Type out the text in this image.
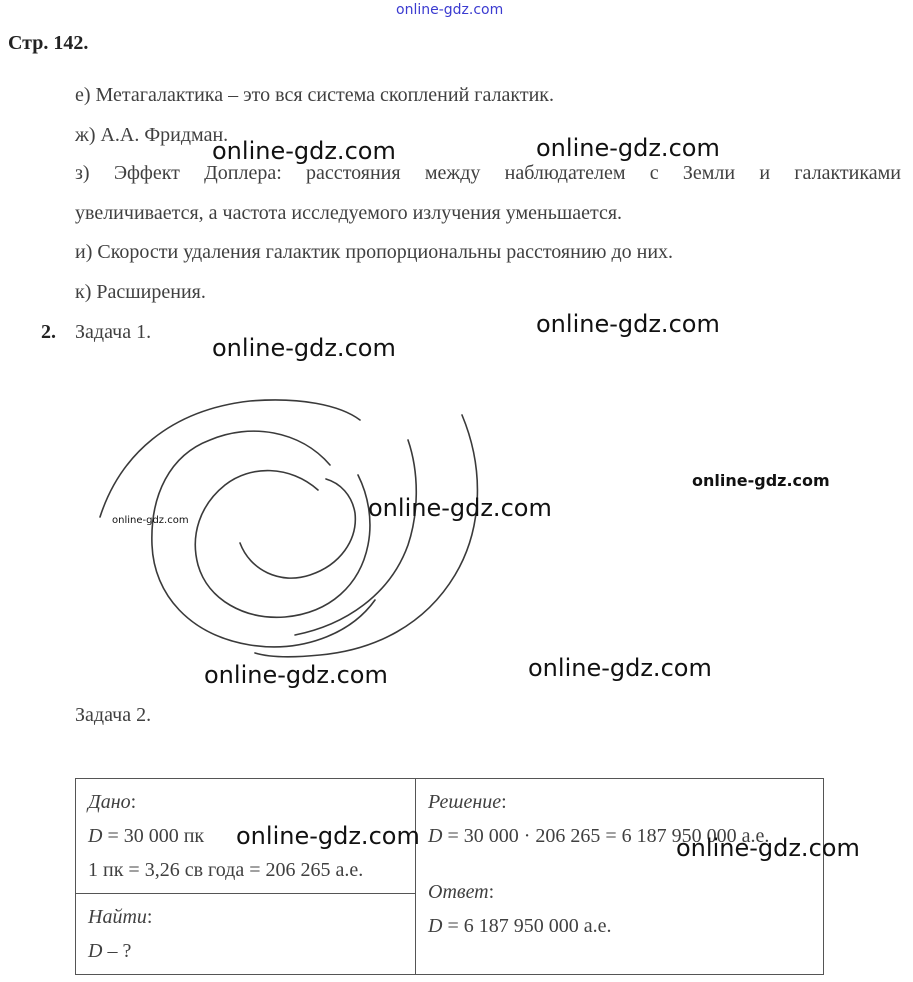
online-gdz.com
Стр. 142.
е) Метагалактика – это вся система скоплений галактик.
ж) А.А. Фридман.
з) Эффект Доплера: расстояния между наблюдателем с Земли и галактиками
увеличивается, а частота исследуемого излучения уменьшается.
и) Скорости удаления галактик пропорциональны расстоянию до них.
к) Расширения.
2. Задача 1.
Задача 2.
Дано:
D = 30 000 пк
1 пк = 3,26 св года = 206 265 а.е.

Решение:
D = 30 000 · 206 265 = 6 187 950 000 а.е.
Ответ:
D = 6 187 950 000 а.е.

Найти:
D – ?
online-gdz.com	online-gdz.com
online-gdz.com
online-gdz.com
online-gdz.com
online-gdz.com	online-gdz.com
online-gdz.com	online-gdz.com
online-gdz.com	online-gdz.com
